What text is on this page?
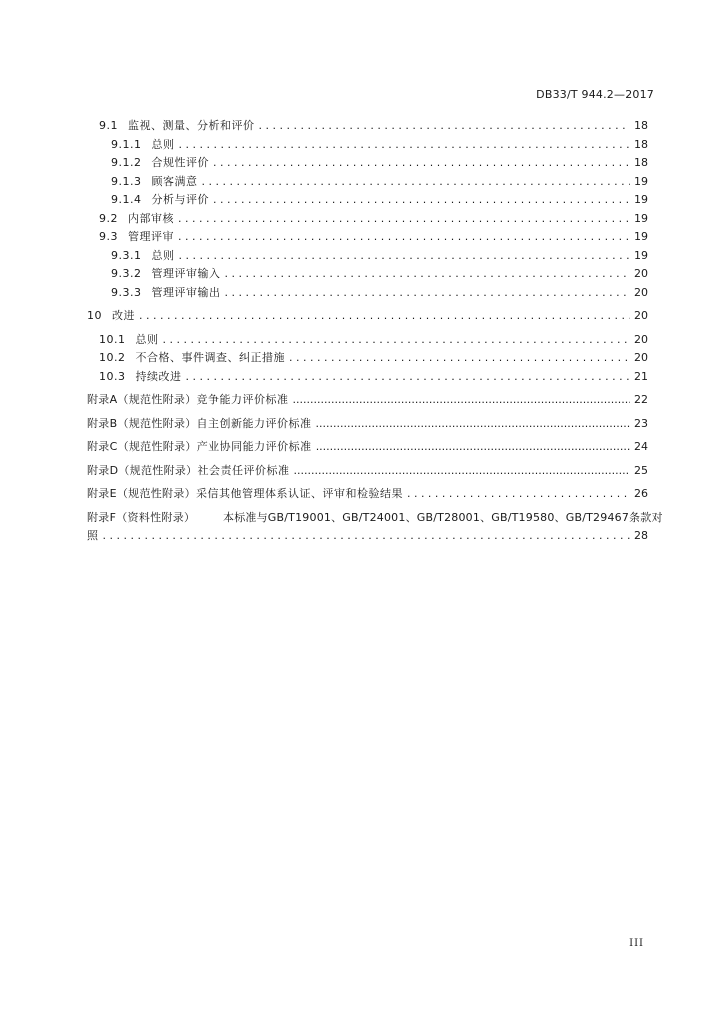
DB33/T 944.2—2017
9.1 监视、测量、分析和评价 . . .	18
9.1.1 总则 . . .	18
9.1.2 合规性评价 . . .	18
9.1.3 顾客满意 . . .	19
9.1.4 分析与评价 . . .	19
9.2 内部审核 . . .	19
9.3 管理评审 . . .	19
9.3.1 总则 . . .	19
9.3.2 管理评审输入 . . .	20
9.3.3 管理评审输出 . . .	20
10 改进 . . .	20
10.1 总则 . . .	20
10.2 不合格、事件调查、纠正措施 . . .	20
10.3 持续改进 . . .	21
附录A（规范性附录） 竞争能力评价标准 .....	22
附录B（规范性附录） 自主创新能力评价标准 .....	23
附录C（规范性附录） 产业协同能力评价标准 .....	24
附录D（规范性附录） 社会责任评价标准 .....	25
附录E（规范性附录） 采信其他管理体系认证、评审和检验结果 . . .	26
附录F（资料性附录）	本标准与GB/T19001、GB/T24001、GB/T28001、GB/T19580、GB/T29467条款对
照 . . .	28
III
